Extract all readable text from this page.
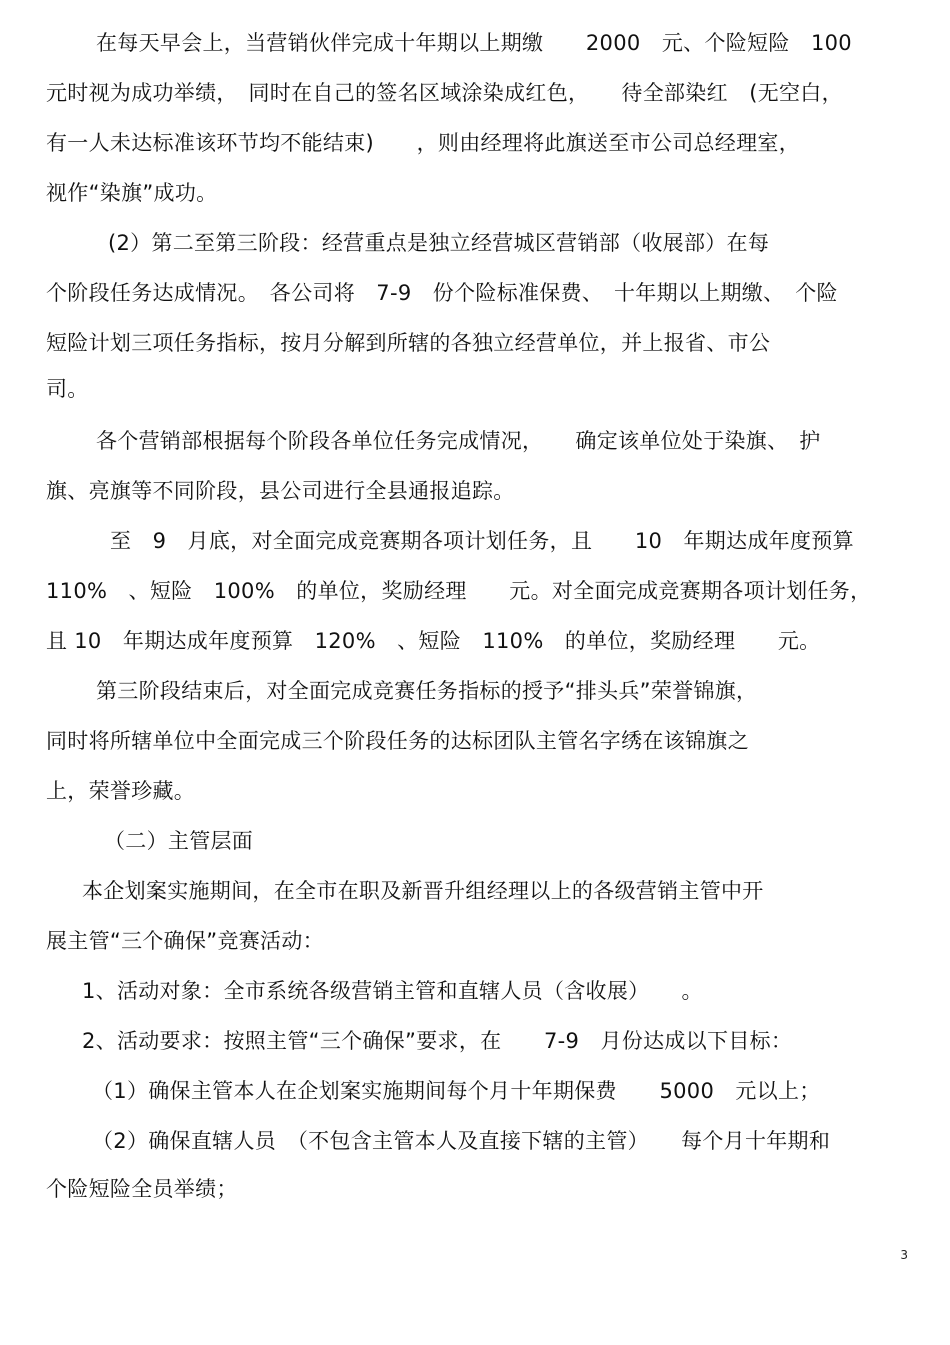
在每天早会上，当营销伙伴完成十年期以上期缴　　2000　元、个险短险　100
元时视为成功举绩，　同时在自己的签名区域涂染成红色，　　待全部染红　(无空白，
有一人未达标准该环节均不能结束)　　，则由经理将此旗送至市公司总经理室，
视作“染旗”成功。
(2）第二至第三阶段：经营重点是独立经营城区营销部（收展部）在每
个阶段任务达成情况。　各公司将　7-9　份个险标准保费、　十年期以上期缴、　个险
短险计划三项任务指标，按月分解到所辖的各独立经营单位，并上报省、市公
司。
各个营销部根据每个阶段各单位任务完成情况，　　确定该单位处于染旗、　护
旗、亮旗等不同阶段，县公司进行全县通报追踪。
至　9　月底，对全面完成竞赛期各项计划任务，且　　10　年期达成年度预算
110%　、短险　100%　的单位，奖励经理　　元。对全面完成竞赛期各项计划任务，
且 10　年期达成年度预算　120%　、短险　110%　的单位，奖励经理　　元。
第三阶段结束后，对全面完成竞赛任务指标的授予“排头兵”荣誉锦旗，
同时将所辖单位中全面完成三个阶段任务的达标团队主管名字绣在该锦旗之
上，荣誉珍藏。
（二）主管层面
本企划案实施期间，在全市在职及新晋升组经理以上的各级营销主管中开
展主管“三个确保”竞赛活动：
1、活动对象：全市系统各级营销主管和直辖人员（含收展）　　。
2、活动要求：按照主管“三个确保”要求，在　　7-9　月份达成以下目标：
（1）确保主管本人在企划案实施期间每个月十年期保费　　5000　元以上；
（2）确保直辖人员　（不包含主管本人及直接下辖的主管）　　每个月十年期和
个险短险全员举绩；
3
